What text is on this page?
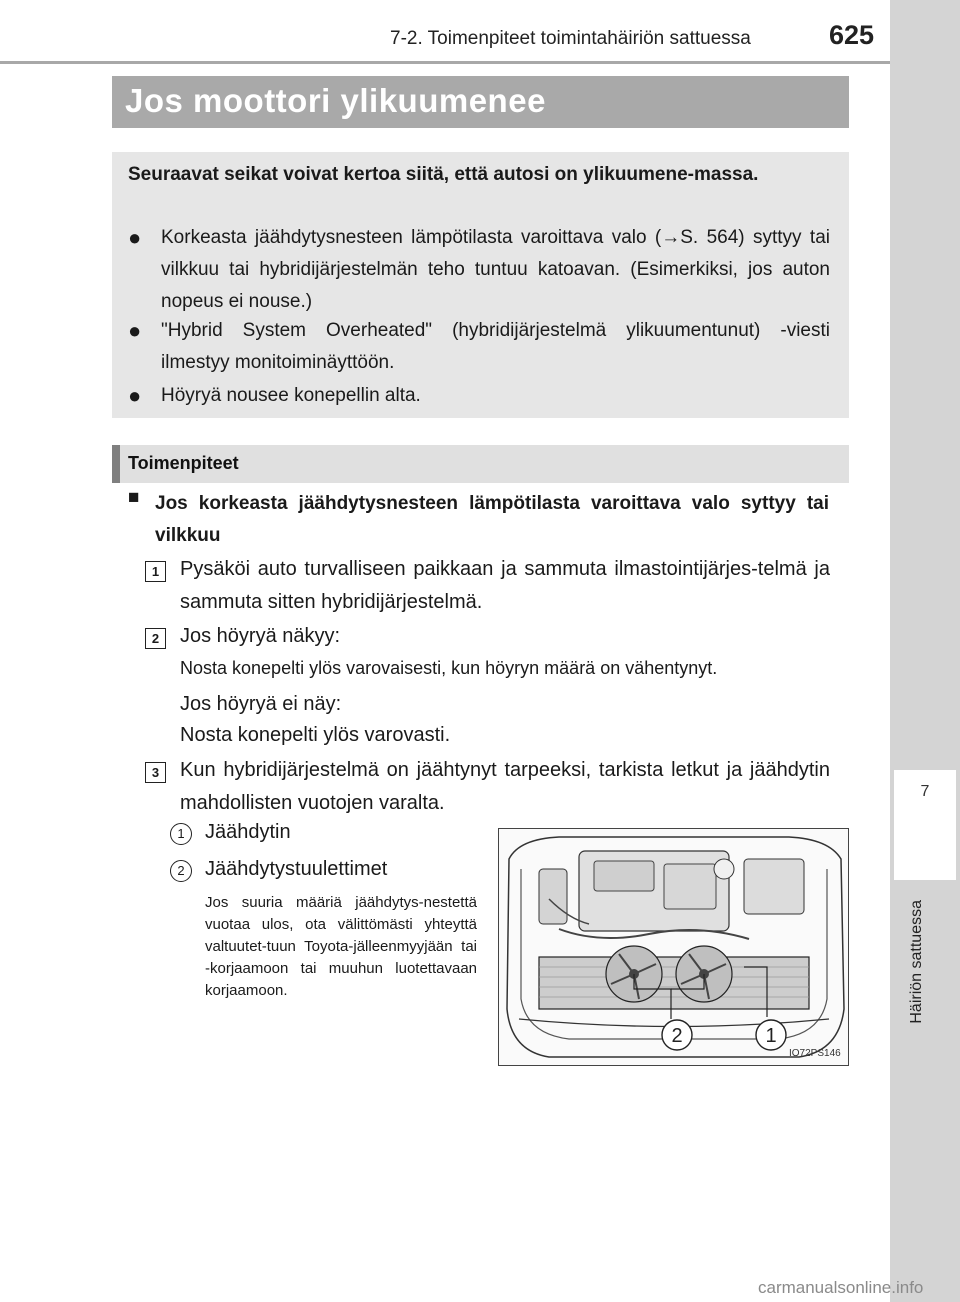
7-2. Toimenpiteet toimintahäiriön sattuessa	625
7
Häiriön sattuessa
Jos moottori ylikuumenee
Seuraavat seikat voivat kertoa siitä, että autosi on ylikuumene-massa.
●	Korkeasta jäähdytysnesteen lämpötilasta varoittava valo (→S. 564) syttyy tai vilkkuu tai hybridijärjestelmän teho tuntuu katoavan. (Esimerkiksi, jos auton nopeus ei nouse.)
●	"Hybrid System Overheated" (hybridijärjestelmä ylikuumentunut) -viesti ilmestyy monitoiminäyttöön.
●	Höyryä nousee konepellin alta.
Toimenpiteet
■ Jos korkeasta jäähdytysnesteen lämpötilasta varoittava valo syttyy tai vilkkuu
1	Pysäköi auto turvalliseen paikkaan ja sammuta ilmastointijärjes-telmä ja sammuta sitten hybridijärjestelmä.
2	Jos höyryä näkyy:
Nosta konepelti ylös varovaisesti, kun höyryn määrä on vähentynyt.
Jos höyryä ei näy:
Nosta konepelti ylös varovasti.
3	Kun hybridijärjestelmä on jäähtynyt tarpeeksi, tarkista letkut ja jäähdytin mahdollisten vuotojen varalta.
1	Jäähdytin
2	Jäähdytystuulettimet
Jos suuria määriä jäähdytys-nestettä vuotaa ulos, ota välittömästi yhteyttä valtuutet-tuun Toyota-jälleenmyyjään tai -korjaamoon tai muuhun luotettavaan korjaamoon.
2	1
IO72PS146
carmanualsonline.info
